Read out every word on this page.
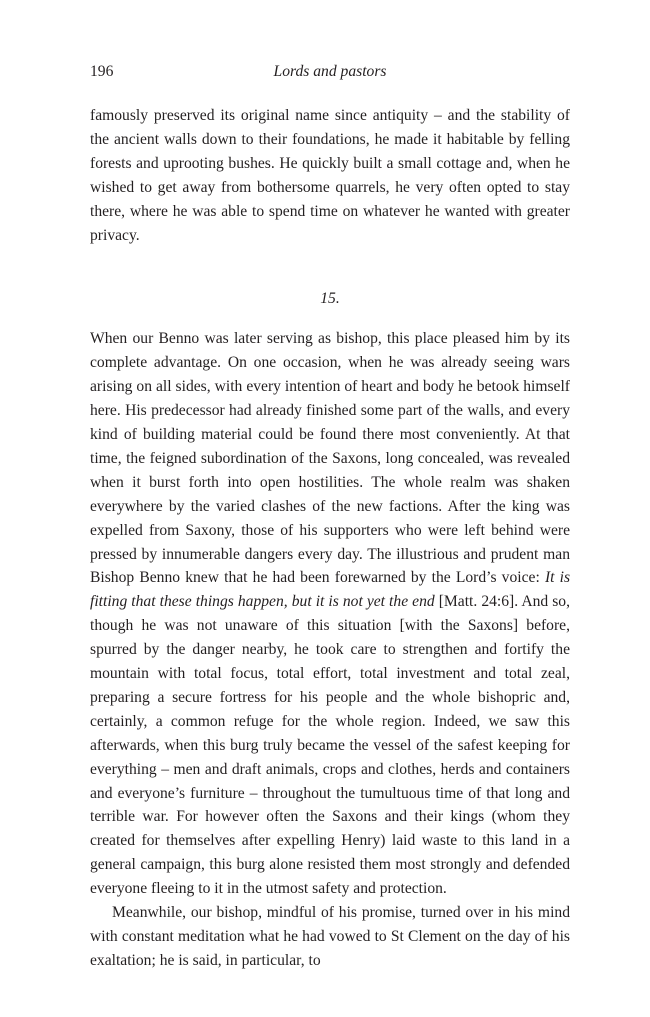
196	Lords and pastors

famously preserved its original name since antiquity – and the stability of the ancient walls down to their foundations, he made it habitable by felling forests and uprooting bushes. He quickly built a small cottage and, when he wished to get away from bothersome quarrels, he very often opted to stay there, where he was able to spend time on whatever he wanted with greater privacy.

15.

When our Benno was later serving as bishop, this place pleased him by its complete advantage. On one occasion, when he was already seeing wars arising on all sides, with every intention of heart and body he betook himself here. His predecessor had already finished some part of the walls, and every kind of building material could be found there most conveniently. At that time, the feigned subordination of the Saxons, long concealed, was revealed when it burst forth into open hostilities. The whole realm was shaken everywhere by the varied clashes of the new factions. After the king was expelled from Saxony, those of his supporters who were left behind were pressed by innumerable dangers every day. The illustrious and prudent man Bishop Benno knew that he had been forewarned by the Lord’s voice: It is fitting that these things happen, but it is not yet the end [Matt. 24:6]. And so, though he was not unaware of this situation [with the Saxons] before, spurred by the danger nearby, he took care to strengthen and fortify the mountain with total focus, total effort, total investment and total zeal, preparing a secure fortress for his people and the whole bishopric and, certainly, a common refuge for the whole region. Indeed, we saw this afterwards, when this burg truly became the vessel of the safest keeping for everything – men and draft animals, crops and clothes, herds and containers and everyone’s furniture – throughout the tumultuous time of that long and terrible war. For however often the Saxons and their kings (whom they created for themselves after expelling Henry) laid waste to this land in a general campaign, this burg alone resisted them most strongly and defended everyone fleeing to it in the utmost safety and protection.

Meanwhile, our bishop, mindful of his promise, turned over in his mind with constant meditation what he had vowed to St Clement on the day of his exaltation; he is said, in particular, to
